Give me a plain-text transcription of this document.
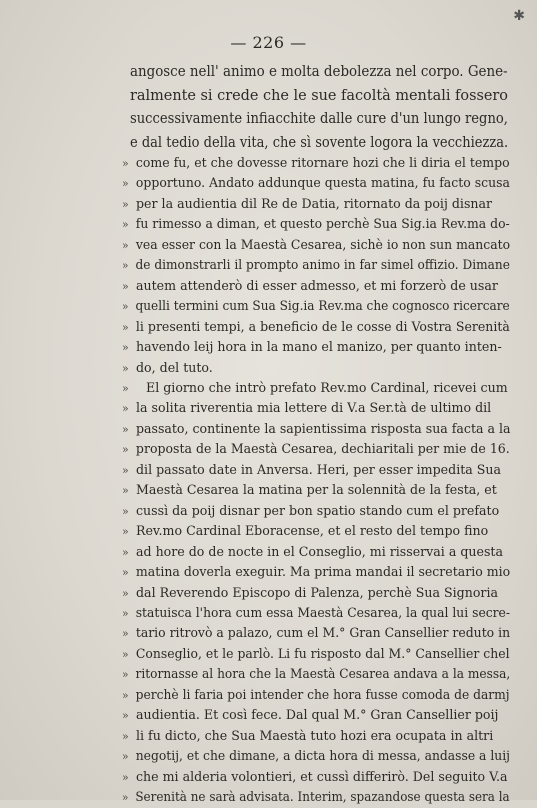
✱
— 226 —
angosce nell' animo e molta debolezza nel corpo. Gene-
ralmente si crede che le sue facoltà mentali fossero
successivamente infiacchite dalle cure d'un lungo regno,
e dal tedio della vita, che sì sovente logora la vecchiezza.
» come fu, et che dovesse ritornare hozi che li diria el tempo
» opportuno. Andato addunque questa matina, fu facto scusa
» per la audientia dil Re de Datia, ritornato da poij disnar
» fu rimesso a diman, et questo perchè Sua Sig.ia Rev.ma do-
» vea esser con la Maestà Cesarea, sichè io non sun mancato
» de dimonstrarli il prompto animo in far simel offizio. Dimane
» autem attenderò di esser admesso, et mi forzerò de usar
» quelli termini cum Sua Sig.ia Rev.ma che cognosco ricercare
» li presenti tempi, a beneficio de le cosse di Vostra Serenità
» havendo leij hora in la mano el manizo, per quanto inten-
» do, del tuto.
» El giorno che intrò prefato Rev.mo Cardinal, ricevei cum
» la solita riverentia mia lettere di V.a Ser.tà de ultimo dil
» passato, continente la sapientissima risposta sua facta a la
» proposta de la Maestà Cesarea, dechiaritali per mie de 16.
» dil passato date in Anversa. Heri, per esser impedita Sua
» Maestà Cesarea la matina per la solennità de la festa, et
» cussì da poij disnar per bon spatio stando cum el prefato
» Rev.mo Cardinal Eboracense, et el resto del tempo fino
» ad hore do de nocte in el Conseglio, mi risservai a questa
» matina doverla exeguir. Ma prima mandai il secretario mio
» dal Reverendo Episcopo di Palenza, perchè Sua Signoria
» statuisca l'hora cum essa Maestà Cesarea, la qual lui secre-
» tario ritrovò a palazo, cum el M.° Gran Cansellier reduto in
» Conseglio, et le parlò. Li fu risposto dal M.° Cansellier chel
» ritornasse al hora che la Maestà Cesarea andava a la messa,
» perchè li faria poi intender che hora fusse comoda de darmj
» audientia. Et così fece. Dal qual M.° Gran Cansellier poij
» li fu dicto, che Sua Maestà tuto hozi era ocupata in altri
» negotij, et che dimane, a dicta hora di messa, andasse a luij
» che mi alderia volontieri, et cussì differirò. Del seguito V.a
» Serenità ne sarà advisata. Interim, spazandose questa sera la
